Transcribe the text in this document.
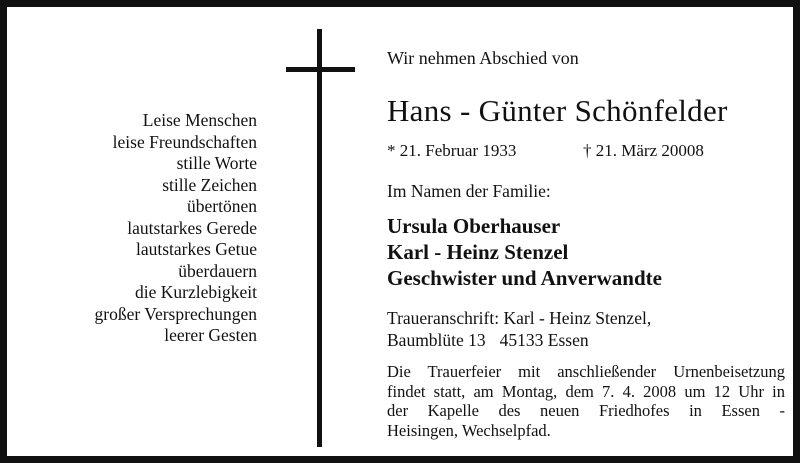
Leise Menschen
leise Freundschaften
stille Worte
stille Zeichen
übertönen
lautstarkes Gerede
lautstarkes Getue
überdauern
die Kurzlebigkeit
großer Versprechungen
leerer Gesten
Wir nehmen Abschied von
Hans - Günter Schönfelder
* 21. Februar 1933	† 21. März 20008
Im Namen der Familie:
Ursula Oberhauser
Karl - Heinz Stenzel
Geschwister und Anverwandte
Traueranschrift: Karl - Heinz Stenzel,
Baumblüte 13 45133 Essen
Die Trauerfeier mit anschließender Urnenbeisetzung
findet statt, am Montag, dem 7. 4. 2008 um 12 Uhr in
der Kapelle des neuen Friedhofes in Essen -
Heisingen, Wechselpfad.
